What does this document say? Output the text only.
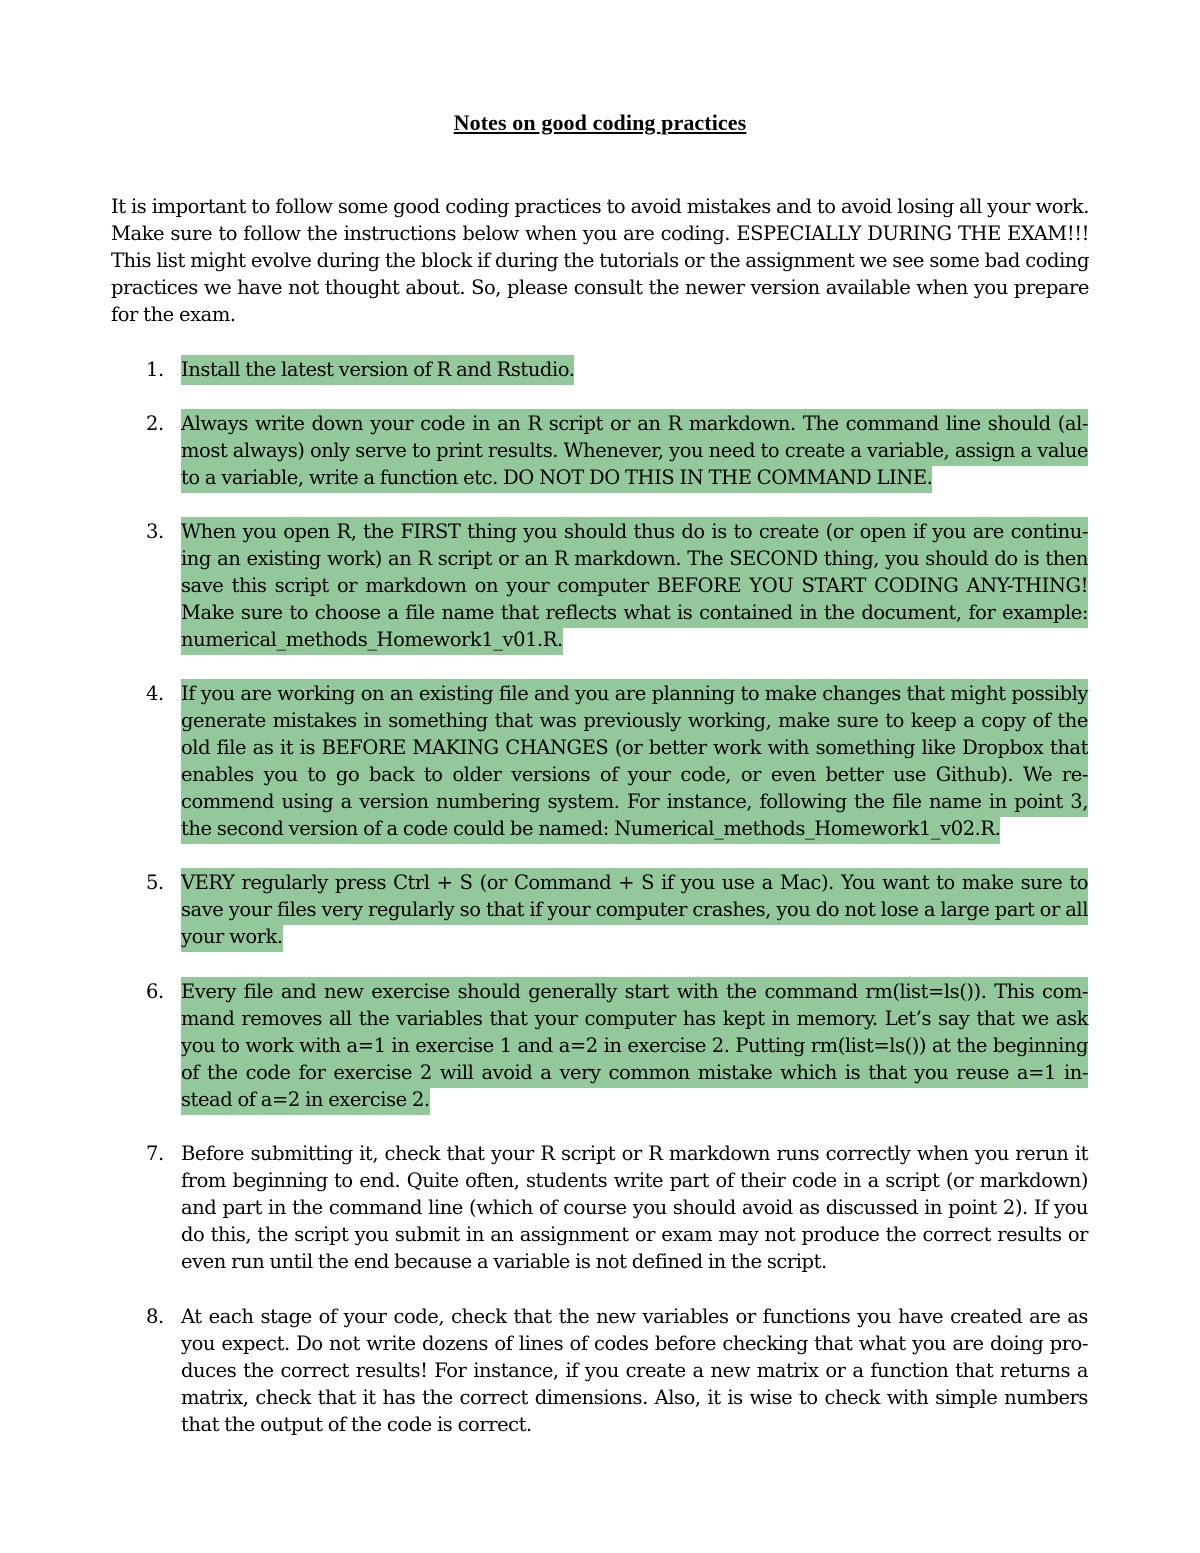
Notes on good coding practices

It is important to follow some good coding practices to avoid mistakes and to avoid losing all your work. Make sure to follow the instructions below when you are coding. ESPECIALLY DURING THE EXAM!!! This list might evolve during the block if during the tutorials or the assignment we see some bad coding practices we have not thought about. So, please consult the newer version available when you prepare for the exam.

1. Install the latest version of R and Rstudio.
2. Always write down your code in an R script or an R markdown. The command line should (al-most always) only serve to print results. Whenever, you need to create a variable, assign a value to a variable, write a function etc. DO NOT DO THIS IN THE COMMAND LINE.
3. When you open R, the FIRST thing you should thus do is to create (or open if you are continu-ing an existing work) an R script or an R markdown. The SECOND thing, you should do is then save this script or markdown on your computer BEFORE YOU START CODING ANY-THING! Make sure to choose a file name that reflects what is contained in the document, for example: numerical_methods_Homework1_v01.R.
4. If you are working on an existing file and you are planning to make changes that might possibly generate mistakes in something that was previously working, make sure to keep a copy of the old file as it is BEFORE MAKING CHANGES (or better work with something like Dropbox that enables you to go back to older versions of your code, or even better use Github). We re-commend using a version numbering system. For instance, following the file name in point 3, the second version of a code could be named: Numerical_methods_Homework1_v02.R.
5. VERY regularly press Ctrl + S (or Command + S if you use a Mac). You want to make sure to save your files very regularly so that if your computer crashes, you do not lose a large part or all your work.
6. Every file and new exercise should generally start with the command rm(list=ls()). This com-mand removes all the variables that your computer has kept in memory. Let’s say that we ask you to work with a=1 in exercise 1 and a=2 in exercise 2. Putting rm(list=ls()) at the beginning of the code for exercise 2 will avoid a very common mistake which is that you reuse a=1 in-stead of a=2 in exercise 2.
7. Before submitting it, check that your R script or R markdown runs correctly when you rerun it from beginning to end. Quite often, students write part of their code in a script (or markdown) and part in the command line (which of course you should avoid as discussed in point 2). If you do this, the script you submit in an assignment or exam may not produce the correct results or even run until the end because a variable is not defined in the script.
8. At each stage of your code, check that the new variables or functions you have created are as you expect. Do not write dozens of lines of codes before checking that what you are doing pro-duces the correct results! For instance, if you create a new matrix or a function that returns a matrix, check that it has the correct dimensions. Also, it is wise to check with simple numbers that the output of the code is correct.
